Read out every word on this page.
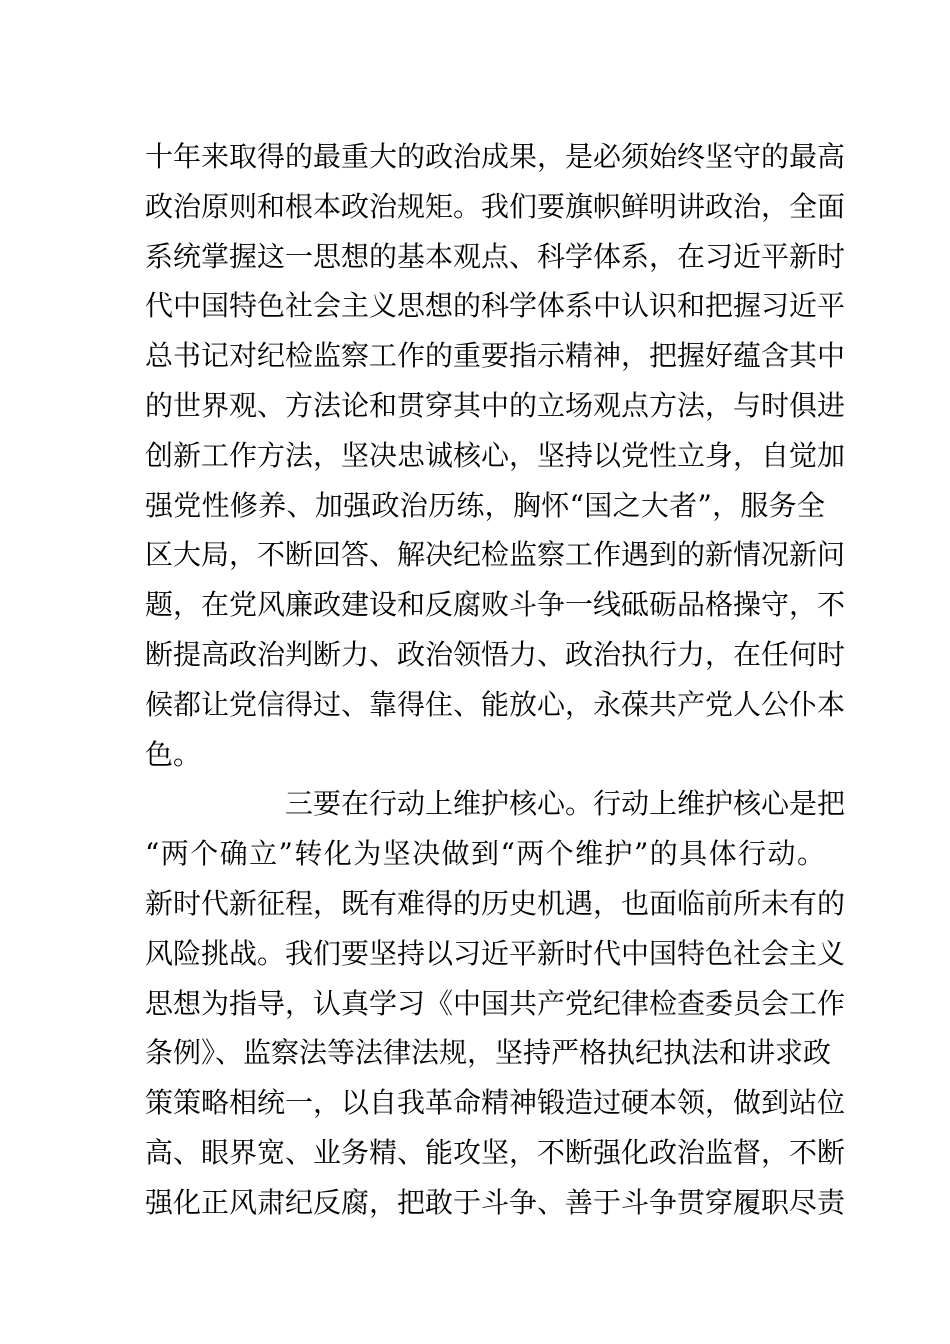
十年来取得的最重大的政治成果，是必须始终坚守的最高
政治原则和根本政治规矩。我们要旗帜鲜明讲政治，全面
系统掌握这一思想的基本观点、科学体系，在习近平新时
代中国特色社会主义思想的科学体系中认识和把握习近平
总书记对纪检监察工作的重要指示精神，把握好蕴含其中
的世界观、方法论和贯穿其中的立场观点方法，与时俱进
创新工作方法，坚决忠诚核心，坚持以党性立身，自觉加
强党性修养、加强政治历练，胸怀“国之大者”，服务全
区大局，不断回答、解决纪检监察工作遇到的新情况新问
题，在党风廉政建设和反腐败斗争一线砥砺品格操守，不
断提高政治判断力、政治领悟力、政治执行力，在任何时
候都让党信得过、靠得住、能放心，永葆共产党人公仆本
色。
三要在行动上维护核心。行动上维护核心是把
“两个确立”转化为坚决做到“两个维护”的具体行动。
新时代新征程，既有难得的历史机遇，也面临前所未有的
风险挑战。我们要坚持以习近平新时代中国特色社会主义
思想为指导，认真学习《中国共产党纪律检查委员会工作
条例》、监察法等法律法规，坚持严格执纪执法和讲求政
策策略相统一，以自我革命精神锻造过硬本领，做到站位
高、眼界宽、业务精、能攻坚，不断强化政治监督，不断
强化正风肃纪反腐，把敢于斗争、善于斗争贯穿履职尽责
